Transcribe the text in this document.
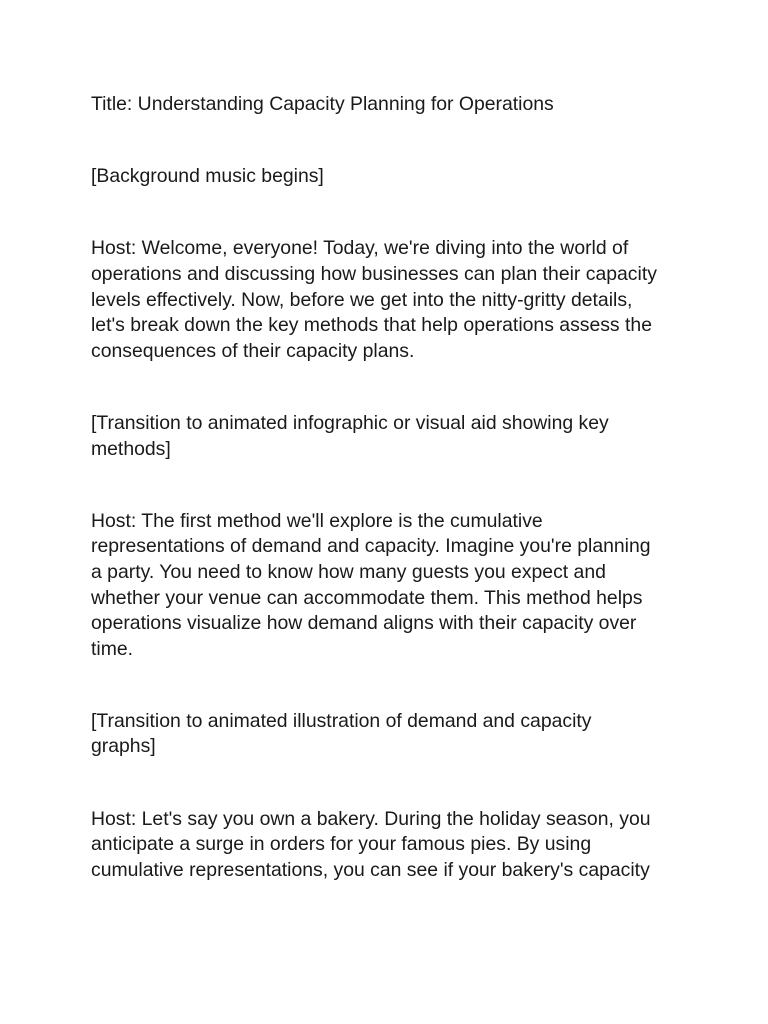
Title: Understanding Capacity Planning for Operations

[Background music begins]

Host: Welcome, everyone! Today, we're diving into the world of
operations and discussing how businesses can plan their capacity
levels effectively. Now, before we get into the nitty-gritty details,
let's break down the key methods that help operations assess the
consequences of their capacity plans.

[Transition to animated infographic or visual aid showing key
methods]

Host: The first method we'll explore is the cumulative
representations of demand and capacity. Imagine you're planning
a party. You need to know how many guests you expect and
whether your venue can accommodate them. This method helps
operations visualize how demand aligns with their capacity over
time.

[Transition to animated illustration of demand and capacity
graphs]

Host: Let's say you own a bakery. During the holiday season, you
anticipate a surge in orders for your famous pies. By using
cumulative representations, you can see if your bakery's capacity
